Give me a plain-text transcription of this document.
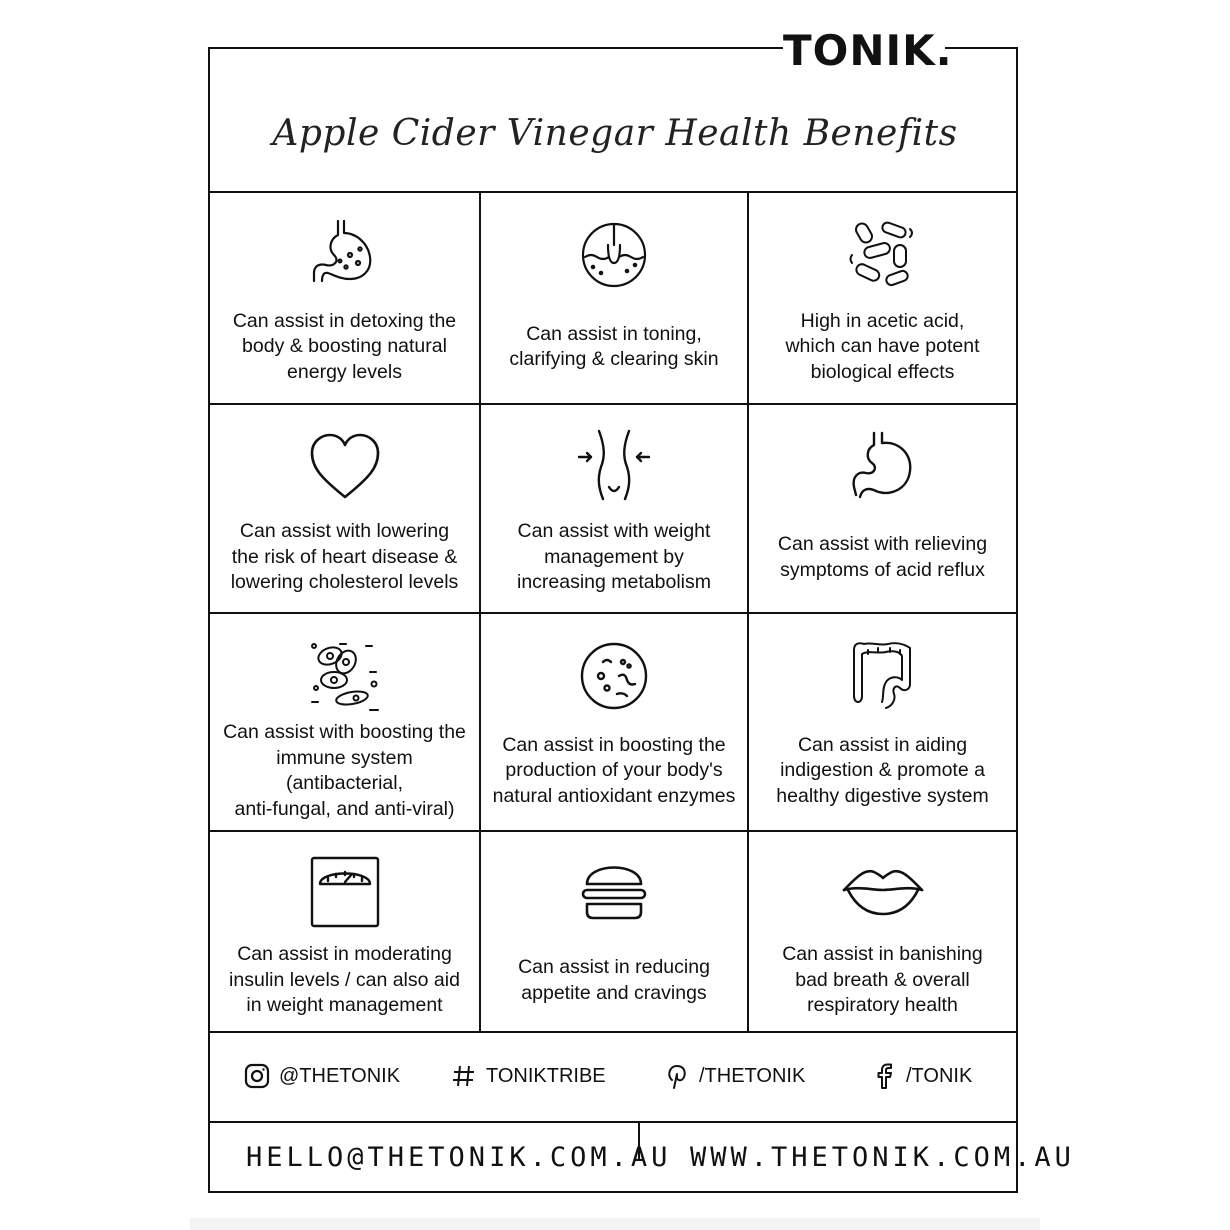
TONIK.
Apple Cider Vinegar Health Benefits
Can assist in detoxing the
body & boosting natural
energy levels
Can assist in toning,
clarifying & clearing skin
High in acetic acid,
which can have potent
biological effects
Can assist with lowering
the risk of heart disease &
lowering cholesterol levels
Can assist with weight
management by
increasing metabolism
Can assist with relieving
symptoms of acid reflux
Can assist with boosting the
immune system (antibacterial,
anti-fungal, and anti-viral)
Can assist in boosting the
production of your body's
natural antioxidant enzymes
Can assist in aiding
indigestion & promote a
healthy digestive system
Can assist in moderating
insulin levels / can also aid
in weight management
Can assist in reducing
appetite and cravings
Can assist in banishing
bad breath & overall
respiratory health
@THETONIK	TONIKTRIBE	/THETONIK	/TONIK
HELLO@THETONIK.COM.AU WWW.THETONIK.COM.AU
